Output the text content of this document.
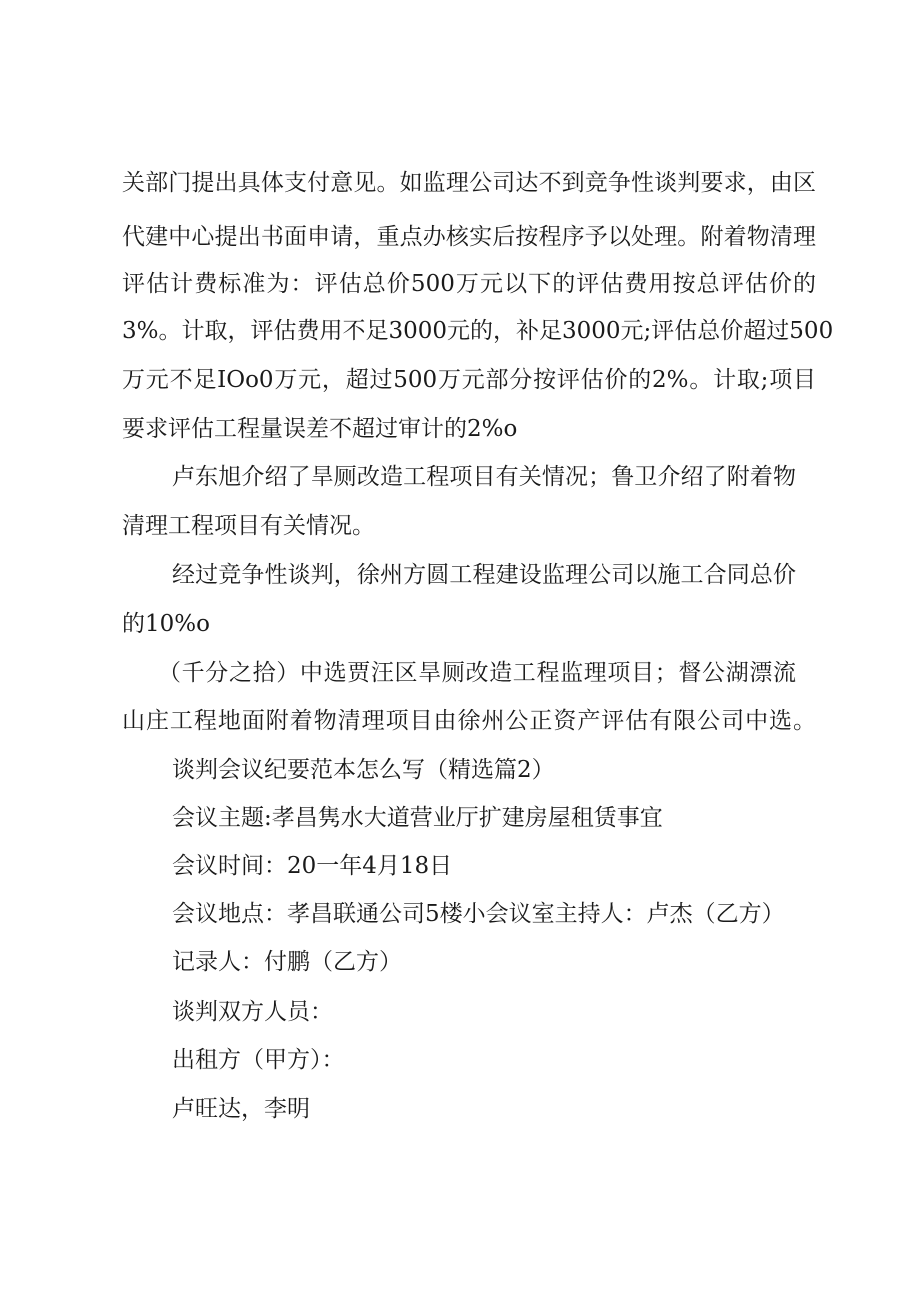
关部门提出具体支付意见。如监理公司达不到竞争性谈判要求，由区
代建中心提出书面申请，重点办核实后按程序予以处理。附着物清理
评估计费标准为：评估总价500万元以下的评估费用按总评估价的
3%。计取，评估费用不足3000元的，补足3000元;评估总价超过500
万元不足IOo0万元，超过500万元部分按评估价的2%。计取;项目
要求评估工程量误差不超过审计的2%o
卢东旭介绍了旱厕改造工程项目有关情况；鲁卫介绍了附着物
清理工程项目有关情况。
经过竞争性谈判，徐州方圆工程建设监理公司以施工合同总价
的10%o
（千分之拾）中选贾汪区旱厕改造工程监理项目；督公湖漂流
山庄工程地面附着物清理项目由徐州公正资产评估有限公司中选。
谈判会议纪要范本怎么写（精选篇2）
会议主题:孝昌隽水大道营业厅扩建房屋租赁事宜
会议时间：20一年4月18日
会议地点：孝昌联通公司5楼小会议室主持人：卢杰（乙方）
记录人：付鹏（乙方）
谈判双方人员：
出租方（甲方）：
卢旺达，李明
